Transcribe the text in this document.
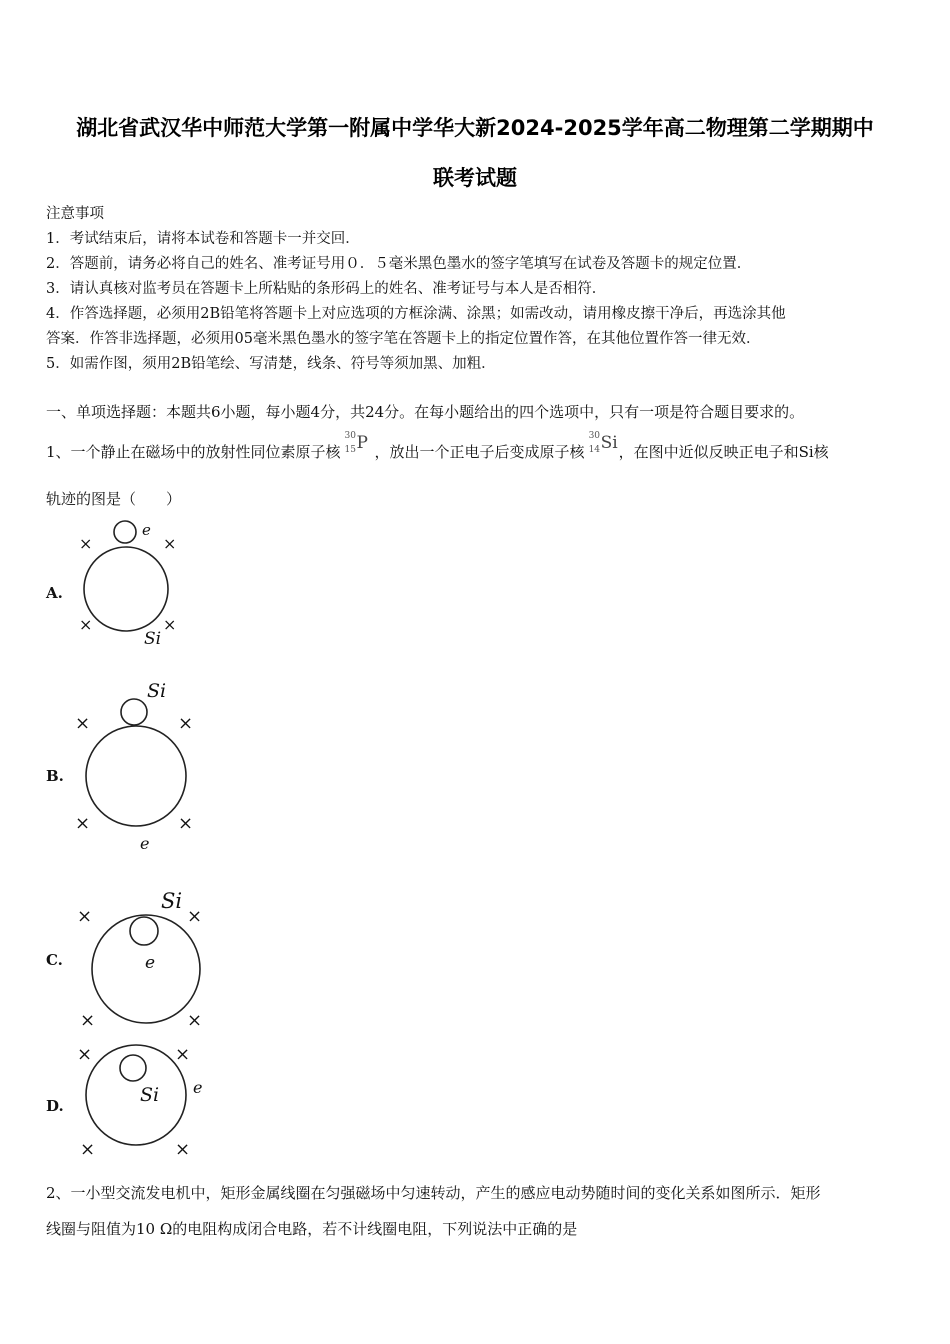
湖北省武汉华中师范大学第一附属中学华大新2024-2025学年高二物理第二学期期中
联考试题
注意事项
1．考试结束后，请将本试卷和答题卡一并交回．
2．答题前，请务必将自己的姓名、准考证号用０．５毫米黑色墨水的签字笔填写在试卷及答题卡的规定位置．
3．请认真核对监考员在答题卡上所粘贴的条形码上的姓名、准考证号与本人是否相符．
4．作答选择题，必须用2B铅笔将答题卡上对应选项的方框涂满、涂黑；如需改动，请用橡皮擦干净后，再选涂其他
答案．作答非选择题，必须用05毫米黑色墨水的签字笔在答题卡上的指定位置作答，在其他位置作答一律无效．
5．如需作图，须用2B铅笔绘、写清楚，线条、符号等须加黑、加粗．
一、单项选择题：本题共6小题，每小题4分，共24分。在每小题给出的四个选项中，只有一项是符合题目要求的。
1、一个静止在磁场中的放射性同位素原子核
30
15 P ，放出一个正电子后变成原子核
30
14 Si ，在图中近似反映正电子和Si核
轨迹的图是（　　）
A.
e
Si
×	×
×	×
B.
Si
e
×	×
×	×
C.
Si
e
×	×
×	×
D.	Si e
×	×
×	×
2、一小型交流发电机中，矩形金属线圈在匀强磁场中匀速转动，产生的感应电动势随时间的变化关系如图所示．矩形
线圈与阻值为10 Ω的电阻构成闭合电路，若不计线圈电阻，下列说法中正确的是
